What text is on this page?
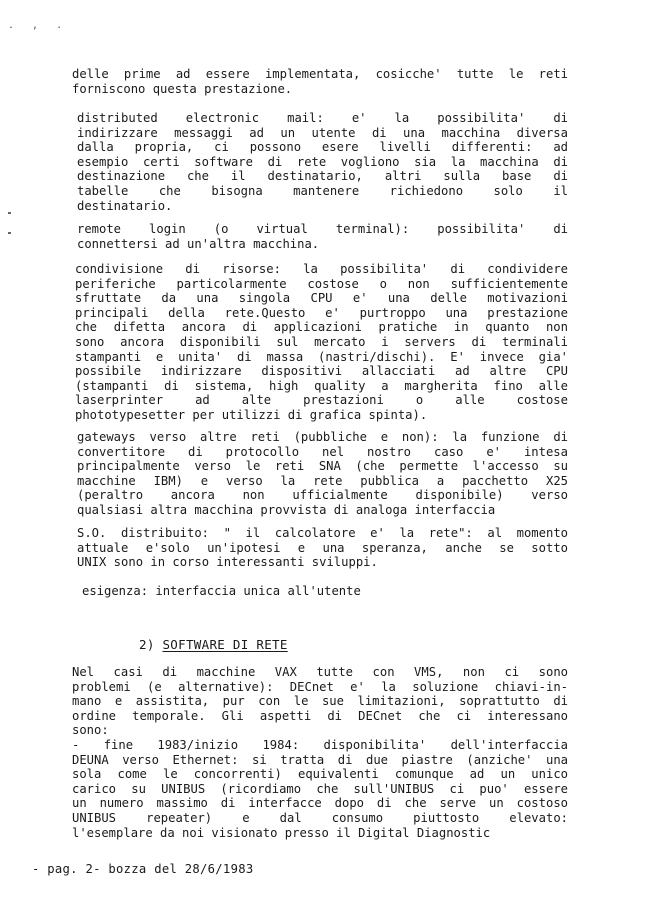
. , .
delle prime ad essere implementata, cosicche' tutte le reti
forniscono questa prestazione.
distributed electronic mail: e' la possibilita' di
indirizzare messaggi ad un utente di una macchina diversa
dalla propria, ci possono esere livelli differenti: ad
esempio certi software di rete vogliono sia la macchina di
destinazione che il destinatario, altri sulla base di
tabelle che bisogna mantenere richiedono solo il
destinatario.
remote login (o virtual terminal): possibilita' di
connettersi ad un'altra macchina.
condivisione di risorse: la possibilita' di condividere
periferiche particolarmente costose o non sufficientemente
sfruttate da una singola CPU e' una delle motivazioni
principali della rete.Questo e' purtroppo una prestazione
che difetta ancora di applicazioni pratiche in quanto non
sono ancora disponibili sul mercato i servers di terminali
stampanti e unita' di massa (nastri/dischi). E' invece gia'
possibile indirizzare dispositivi allacciati ad altre CPU
(stampanti di sistema, high quality a margherita fino alle
laserprinter ad alte prestazioni o alle costose
phototypesetter per utilizzi di grafica spinta).
gateways verso altre reti (pubbliche e non): la funzione di
convertitore di protocollo nel nostro caso e' intesa
principalmente verso le reti SNA (che permette l'accesso su
macchine IBM) e verso la rete pubblica a pacchetto X25
(peraltro ancora non ufficialmente disponibile) verso
qualsiasi altra macchina provvista di analoga interfaccia
S.O. distribuito: " il calcolatore e' la rete": al momento
attuale e'solo un'ipotesi e una speranza, anche se sotto
UNIX sono in corso interessanti sviluppi.
esigenza: interfaccia unica all'utente
2) SOFTWARE DI RETE
Nel casi di macchine VAX tutte con VMS, non ci sono
problemi (e alternative): DECnet e' la soluzione chiavi-in-
mano e assistita, pur con le sue limitazioni, soprattutto di
ordine temporale. Gli aspetti di DECnet che ci interessano
sono:
- fine 1983/inizio 1984: disponibilita' dell'interfaccia
DEUNA verso Ethernet: si tratta di due piastre (anziche' una
sola come le concorrenti) equivalenti comunque ad un unico
carico su UNIBUS (ricordiamo che sull'UNIBUS ci puo' essere
un numero massimo di interfacce dopo di che serve un costoso
UNIBUS repeater) e dal consumo piuttosto elevato:
l'esemplare da noi visionato presso il Digital Diagnostic
- pag. 2- bozza del 28/6/1983
